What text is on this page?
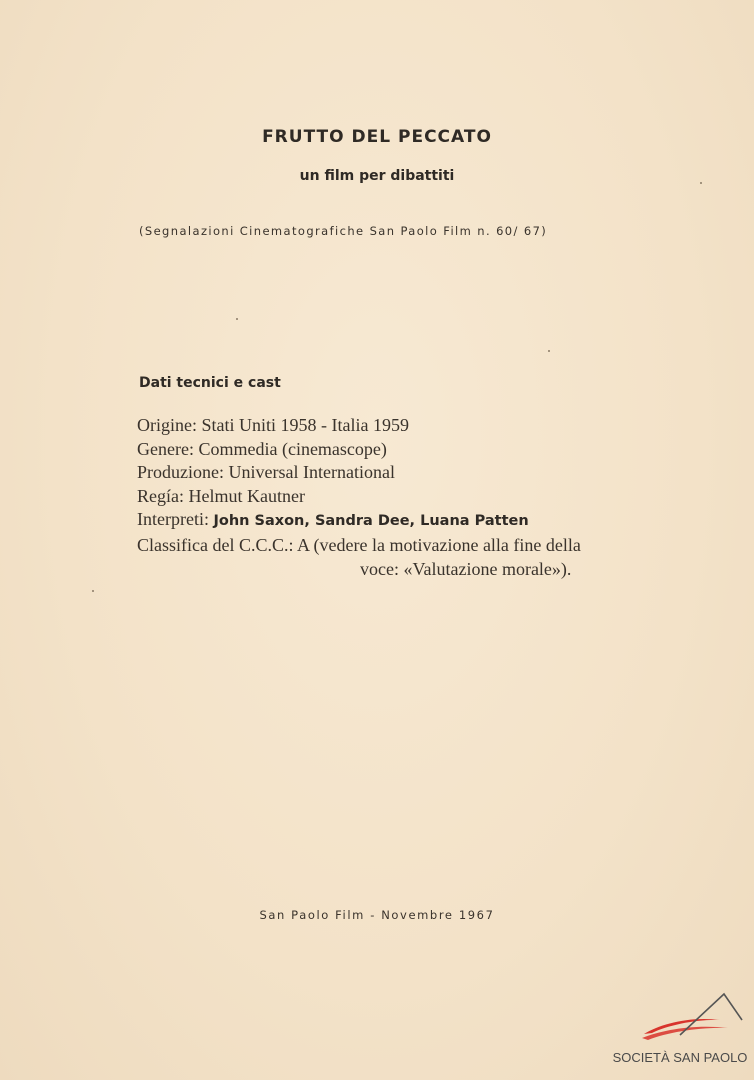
FRUTTO DEL PECCATO
un film per dibattiti
(Segnalazioni Cinematografiche San Paolo Film n. 60/ 67)
Dati tecnici e cast
Origine: Stati Uniti 1958 - Italia 1959
Genere: Commedia (cinemascope)
Produzione: Universal International
Regía: Helmut Kautner
Interpreti: John Saxon, Sandra Dee, Luana Patten
Classifica del C.C.C.: A (vedere la motivazione alla fine della
voce: «Valutazione morale»).
San Paolo Film - Novembre 1967
SOCIETÀ SAN PAOLO
